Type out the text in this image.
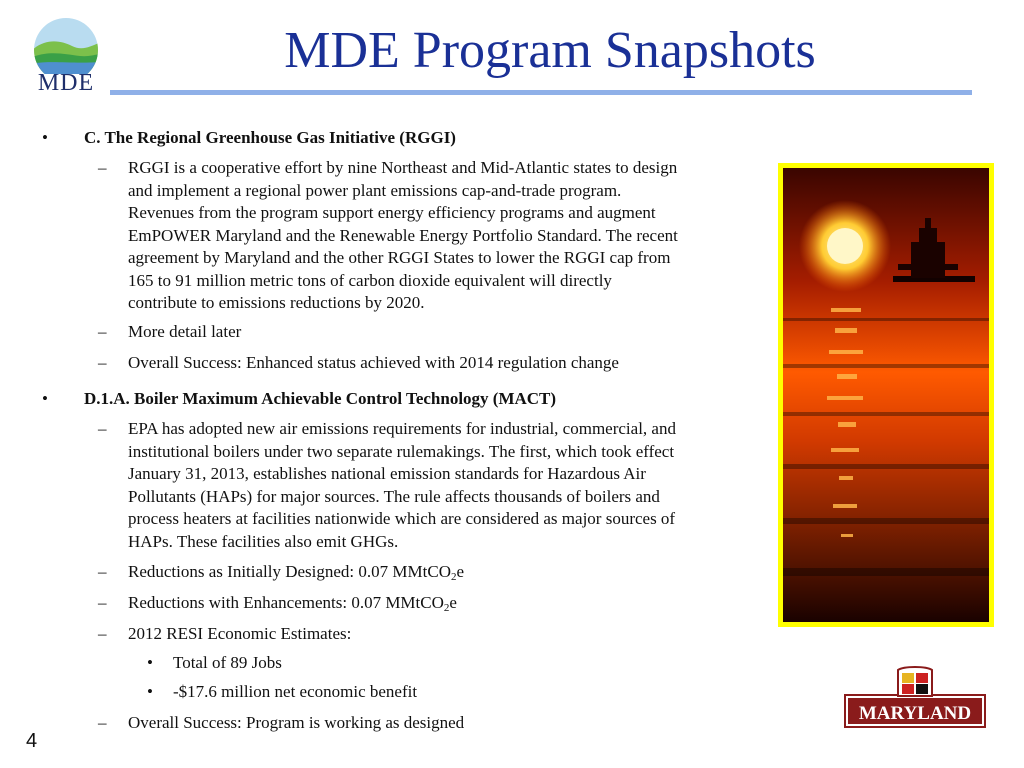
MDE
MDE Program Snapshots
• C. The Regional Greenhouse Gas Initiative (RGGI)
– RGGI is a cooperative effort by nine Northeast and Mid-Atlantic states to design
and implement a regional power plant emissions cap-and-trade program.
Revenues from the program support energy efficiency programs and augment
EmPOWER Maryland and the Renewable Energy Portfolio Standard. The recent
agreement by Maryland and the other RGGI States to lower the RGGI cap from
165 to 91 million metric tons of carbon dioxide equivalent will directly
contribute to emissions reductions by 2020.
– More detail later
– Overall Success: Enhanced status achieved with 2014 regulation change
• D.1.A. Boiler Maximum Achievable Control Technology (MACT)
– EPA has adopted new air emissions requirements for industrial, commercial, and
institutional boilers under two separate rulemakings. The first, which took effect
January 31, 2013, establishes national emission standards for Hazardous Air
Pollutants (HAPs) for major sources. The rule affects thousands of boilers and
process heaters at facilities nationwide which are considered as major sources of
HAPs. These facilities also emit GHGs.
– Reductions as Initially Designed: 0.07 MMtCO$_2$e
– Reductions with Enhancements: 0.07 MMtCO$_2$e
– 2012 RESI Economic Estimates:
• Total of 89 Jobs
• -$17.6 million net economic benefit
– Overall Success: Program is working as designed	MARYLAND
4
